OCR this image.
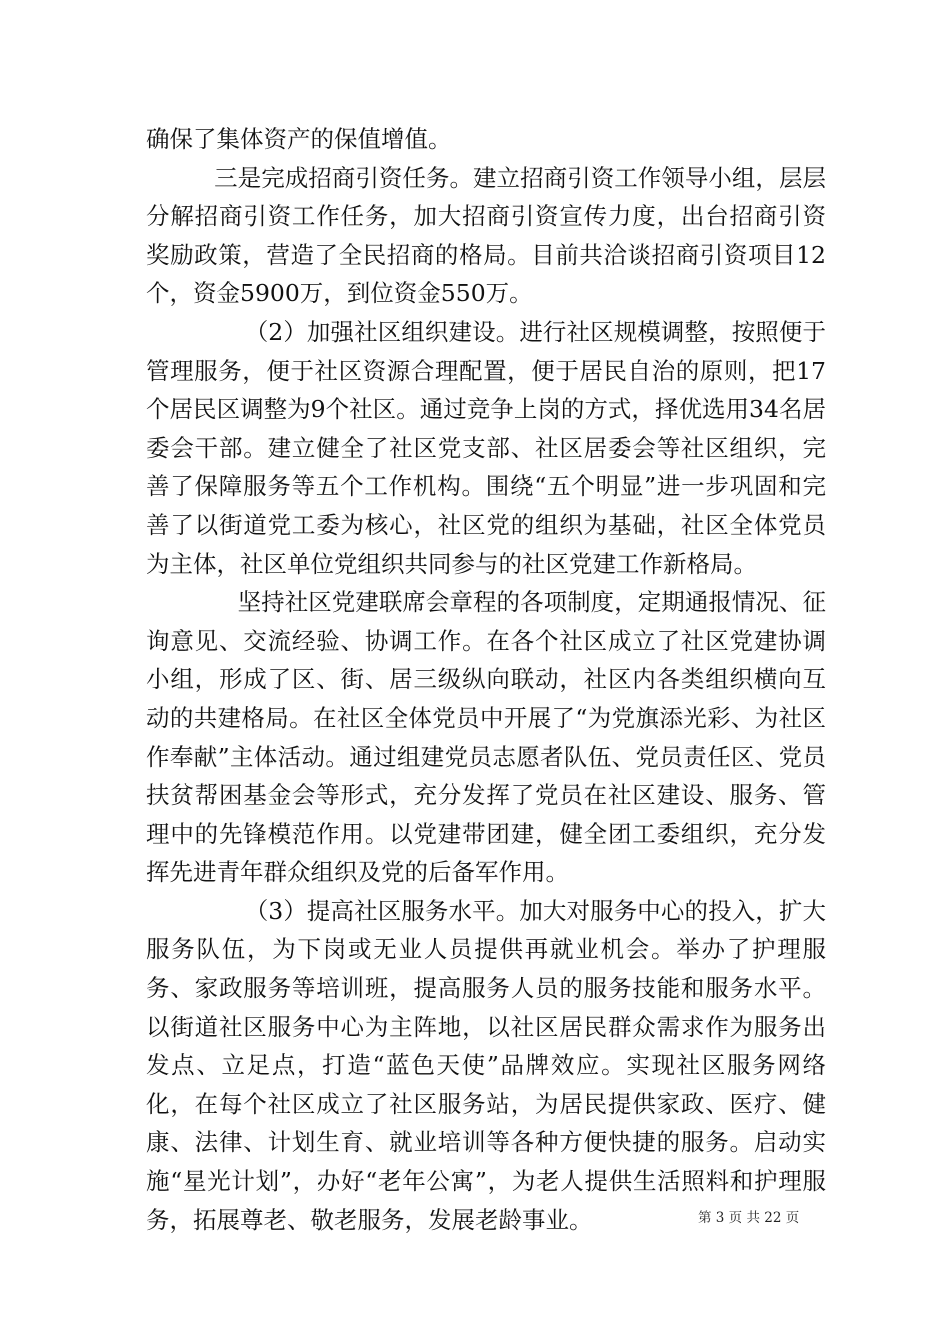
确保了集体资产的保值增值。

三是完成招商引资任务。建立招商引资工作领导小组，层层分解招商引资工作任务，加大招商引资宣传力度，出台招商引资奖励政策，营造了全民招商的格局。目前共洽谈招商引资项目12个，资金5900万，到位资金550万。

（2）加强社区组织建设。进行社区规模调整，按照便于管理服务，便于社区资源合理配置，便于居民自治的原则，把17个居民区调整为9个社区。通过竞争上岗的方式，择优选用34名居委会干部。建立健全了社区党支部、社区居委会等社区组织，完善了保障服务等五个工作机构。围绕“五个明显”进一步巩固和完善了以街道党工委为核心，社区党的组织为基础，社区全体党员为主体，社区单位党组织共同参与的社区党建工作新格局。

坚持社区党建联席会章程的各项制度，定期通报情况、征询意见、交流经验、协调工作。在各个社区成立了社区党建协调小组，形成了区、街、居三级纵向联动，社区内各类组织横向互动的共建格局。在社区全体党员中开展了“为党旗添光彩、为社区作奉献”主体活动。通过组建党员志愿者队伍、党员责任区、党员扶贫帮困基金会等形式，充分发挥了党员在社区建设、服务、管理中的先锋模范作用。以党建带团建，健全团工委组织，充分发挥先进青年群众组织及党的后备军作用。

（3）提高社区服务水平。加大对服务中心的投入，扩大服务队伍，为下岗或无业人员提供再就业机会。举办了护理服务、家政服务等培训班，提高服务人员的服务技能和服务水平。以街道社区服务中心为主阵地，以社区居民群众需求作为服务出发点、立足点，打造“蓝色天使”品牌效应。实现社区服务网络化，在每个社区成立了社区服务站，为居民提供家政、医疗、健康、法律、计划生育、就业培训等各种方便快捷的服务。启动实施“星光计划”，办好“老年公寓”，为老人提供生活照料和护理服务，拓展尊老、敬老服务，发展老龄事业。	第 3 页 共 22 页
